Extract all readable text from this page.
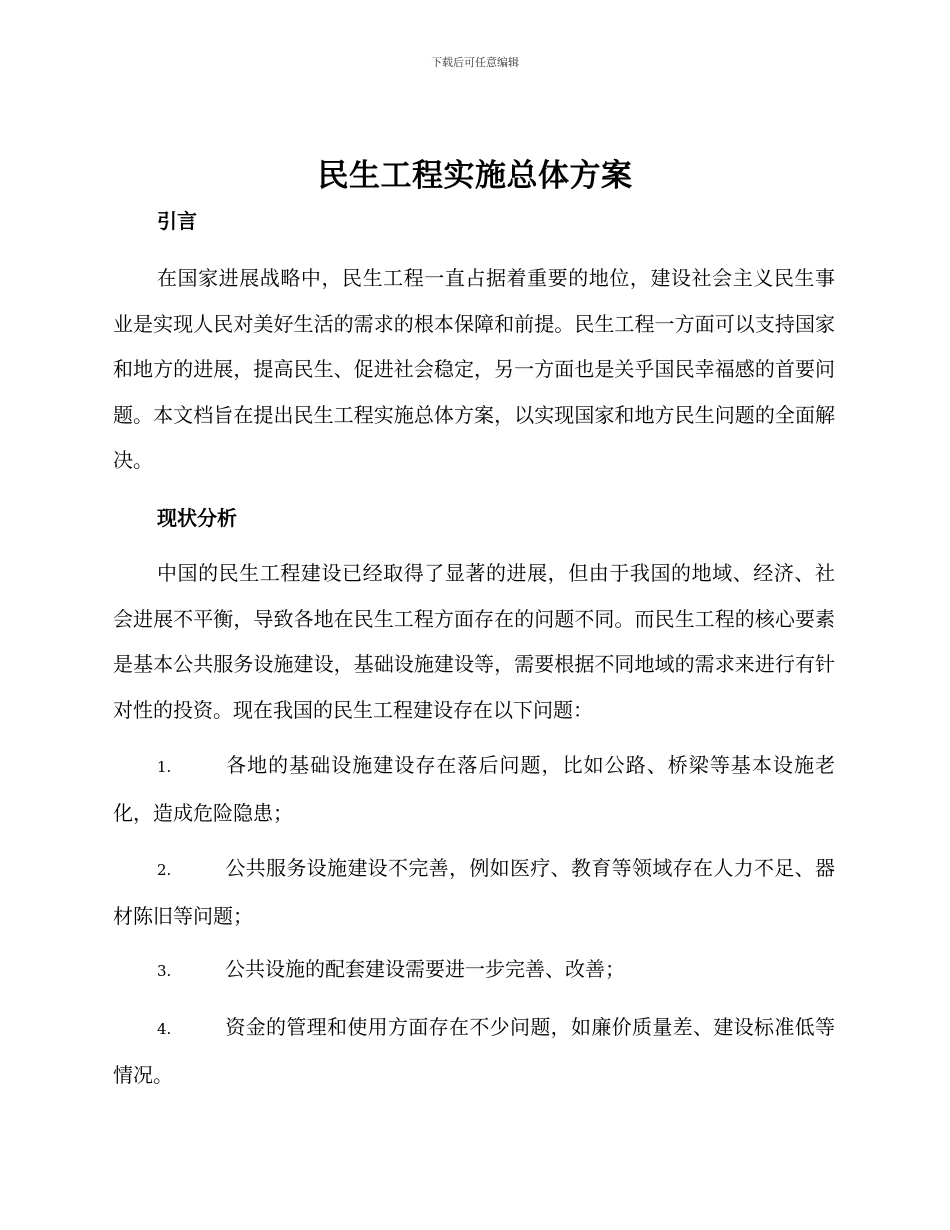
下载后可任意编辑
民生工程实施总体方案
引言

在国家进展战略中，民生工程一直占据着重要的地位，建设社会主义民生事业是实现人民对美好生活的需求的根本保障和前提。民生工程一方面可以支持国家和地方的进展，提高民生、促进社会稳定，另一方面也是关乎国民幸福感的首要问题。本文档旨在提出民生工程实施总体方案，以实现国家和地方民生问题的全面解决。

现状分析

中国的民生工程建设已经取得了显著的进展，但由于我国的地域、经济、社会进展不平衡，导致各地在民生工程方面存在的问题不同。而民生工程的核心要素是基本公共服务设施建设，基础设施建设等，需要根据不同地域的需求来进行有针对性的投资。现在我国的民生工程建设存在以下问题：

1.	各地的基础设施建设存在落后问题，比如公路、桥梁等基本设施老化，造成危险隐患；

2.	公共服务设施建设不完善，例如医疗、教育等领域存在人力不足、器材陈旧等问题；

3.	公共设施的配套建设需要进一步完善、改善；

4.	资金的管理和使用方面存在不少问题，如廉价质量差、建设标准低等情况。
